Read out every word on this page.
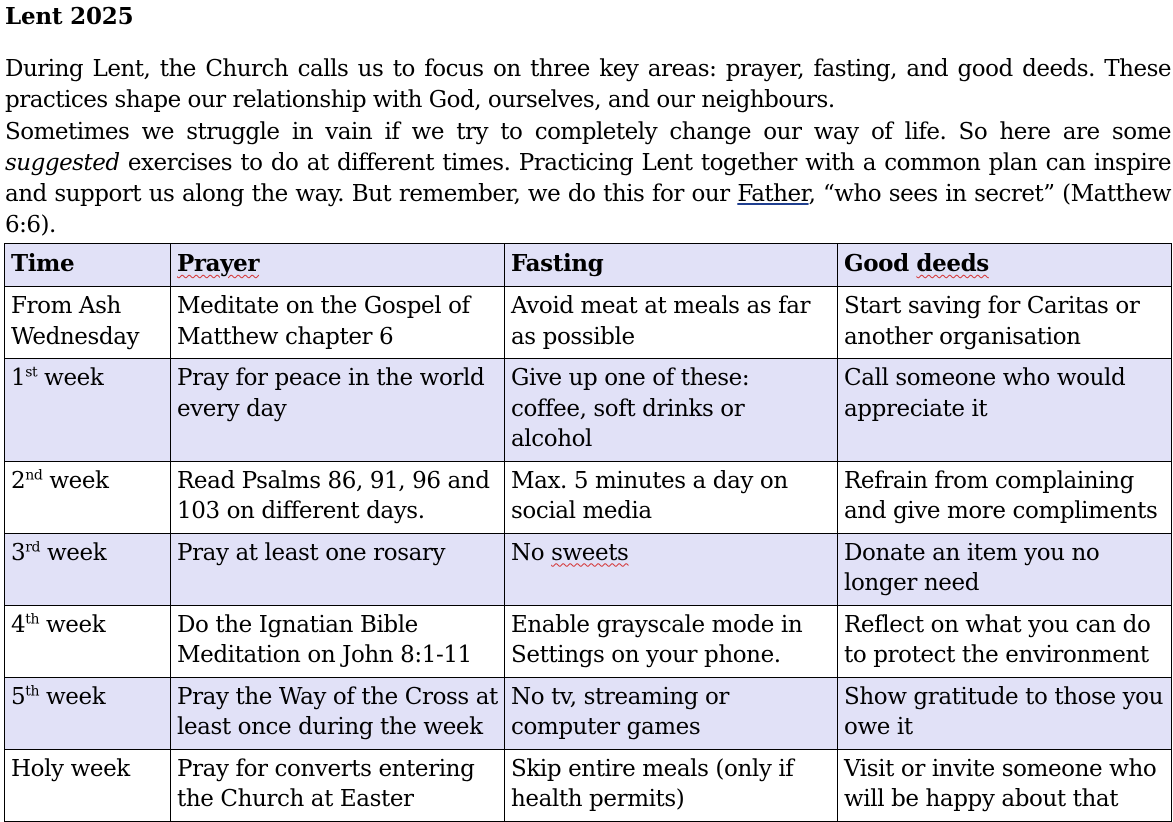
Lent 2025

During Lent, the Church calls us to focus on three key areas: prayer, fasting, and good deeds. These practices shape our relationship with God, ourselves, and our neighbours.

Sometimes we struggle in vain if we try to completely change our way of life. So here are some suggested exercises to do at different times. Practicing Lent together with a common plan can inspire and support us along the way. But remember, we do this for our Father, “who sees in secret” (Matthew 6:6).

Time	Prayer	Fasting	Good deeds
From Ash Wednesday	Meditate on the Gospel of Matthew chapter 6	Avoid meat at meals as far as possible	Start saving for Caritas or another organisation
1st week	Pray for peace in the world every day	Give up one of these: coffee, soft drinks or alcohol	Call someone who would appreciate it
2nd week	Read Psalms 86, 91, 96 and 103 on different days.	Max. 5 minutes a day on social media	Refrain from complaining and give more compliments
3rd week	Pray at least one rosary	No sweets	Donate an item you no longer need
4th week	Do the Ignatian Bible Meditation on John 8:1-11	Enable grayscale mode in Settings on your phone.	Reflect on what you can do to protect the environment
5th week	Pray the Way of the Cross at least once during the week	No tv, streaming or computer games	Show gratitude to those you owe it
Holy week	Pray for converts entering the Church at Easter	Skip entire meals (only if health permits)	Visit or invite someone who will be happy about that
